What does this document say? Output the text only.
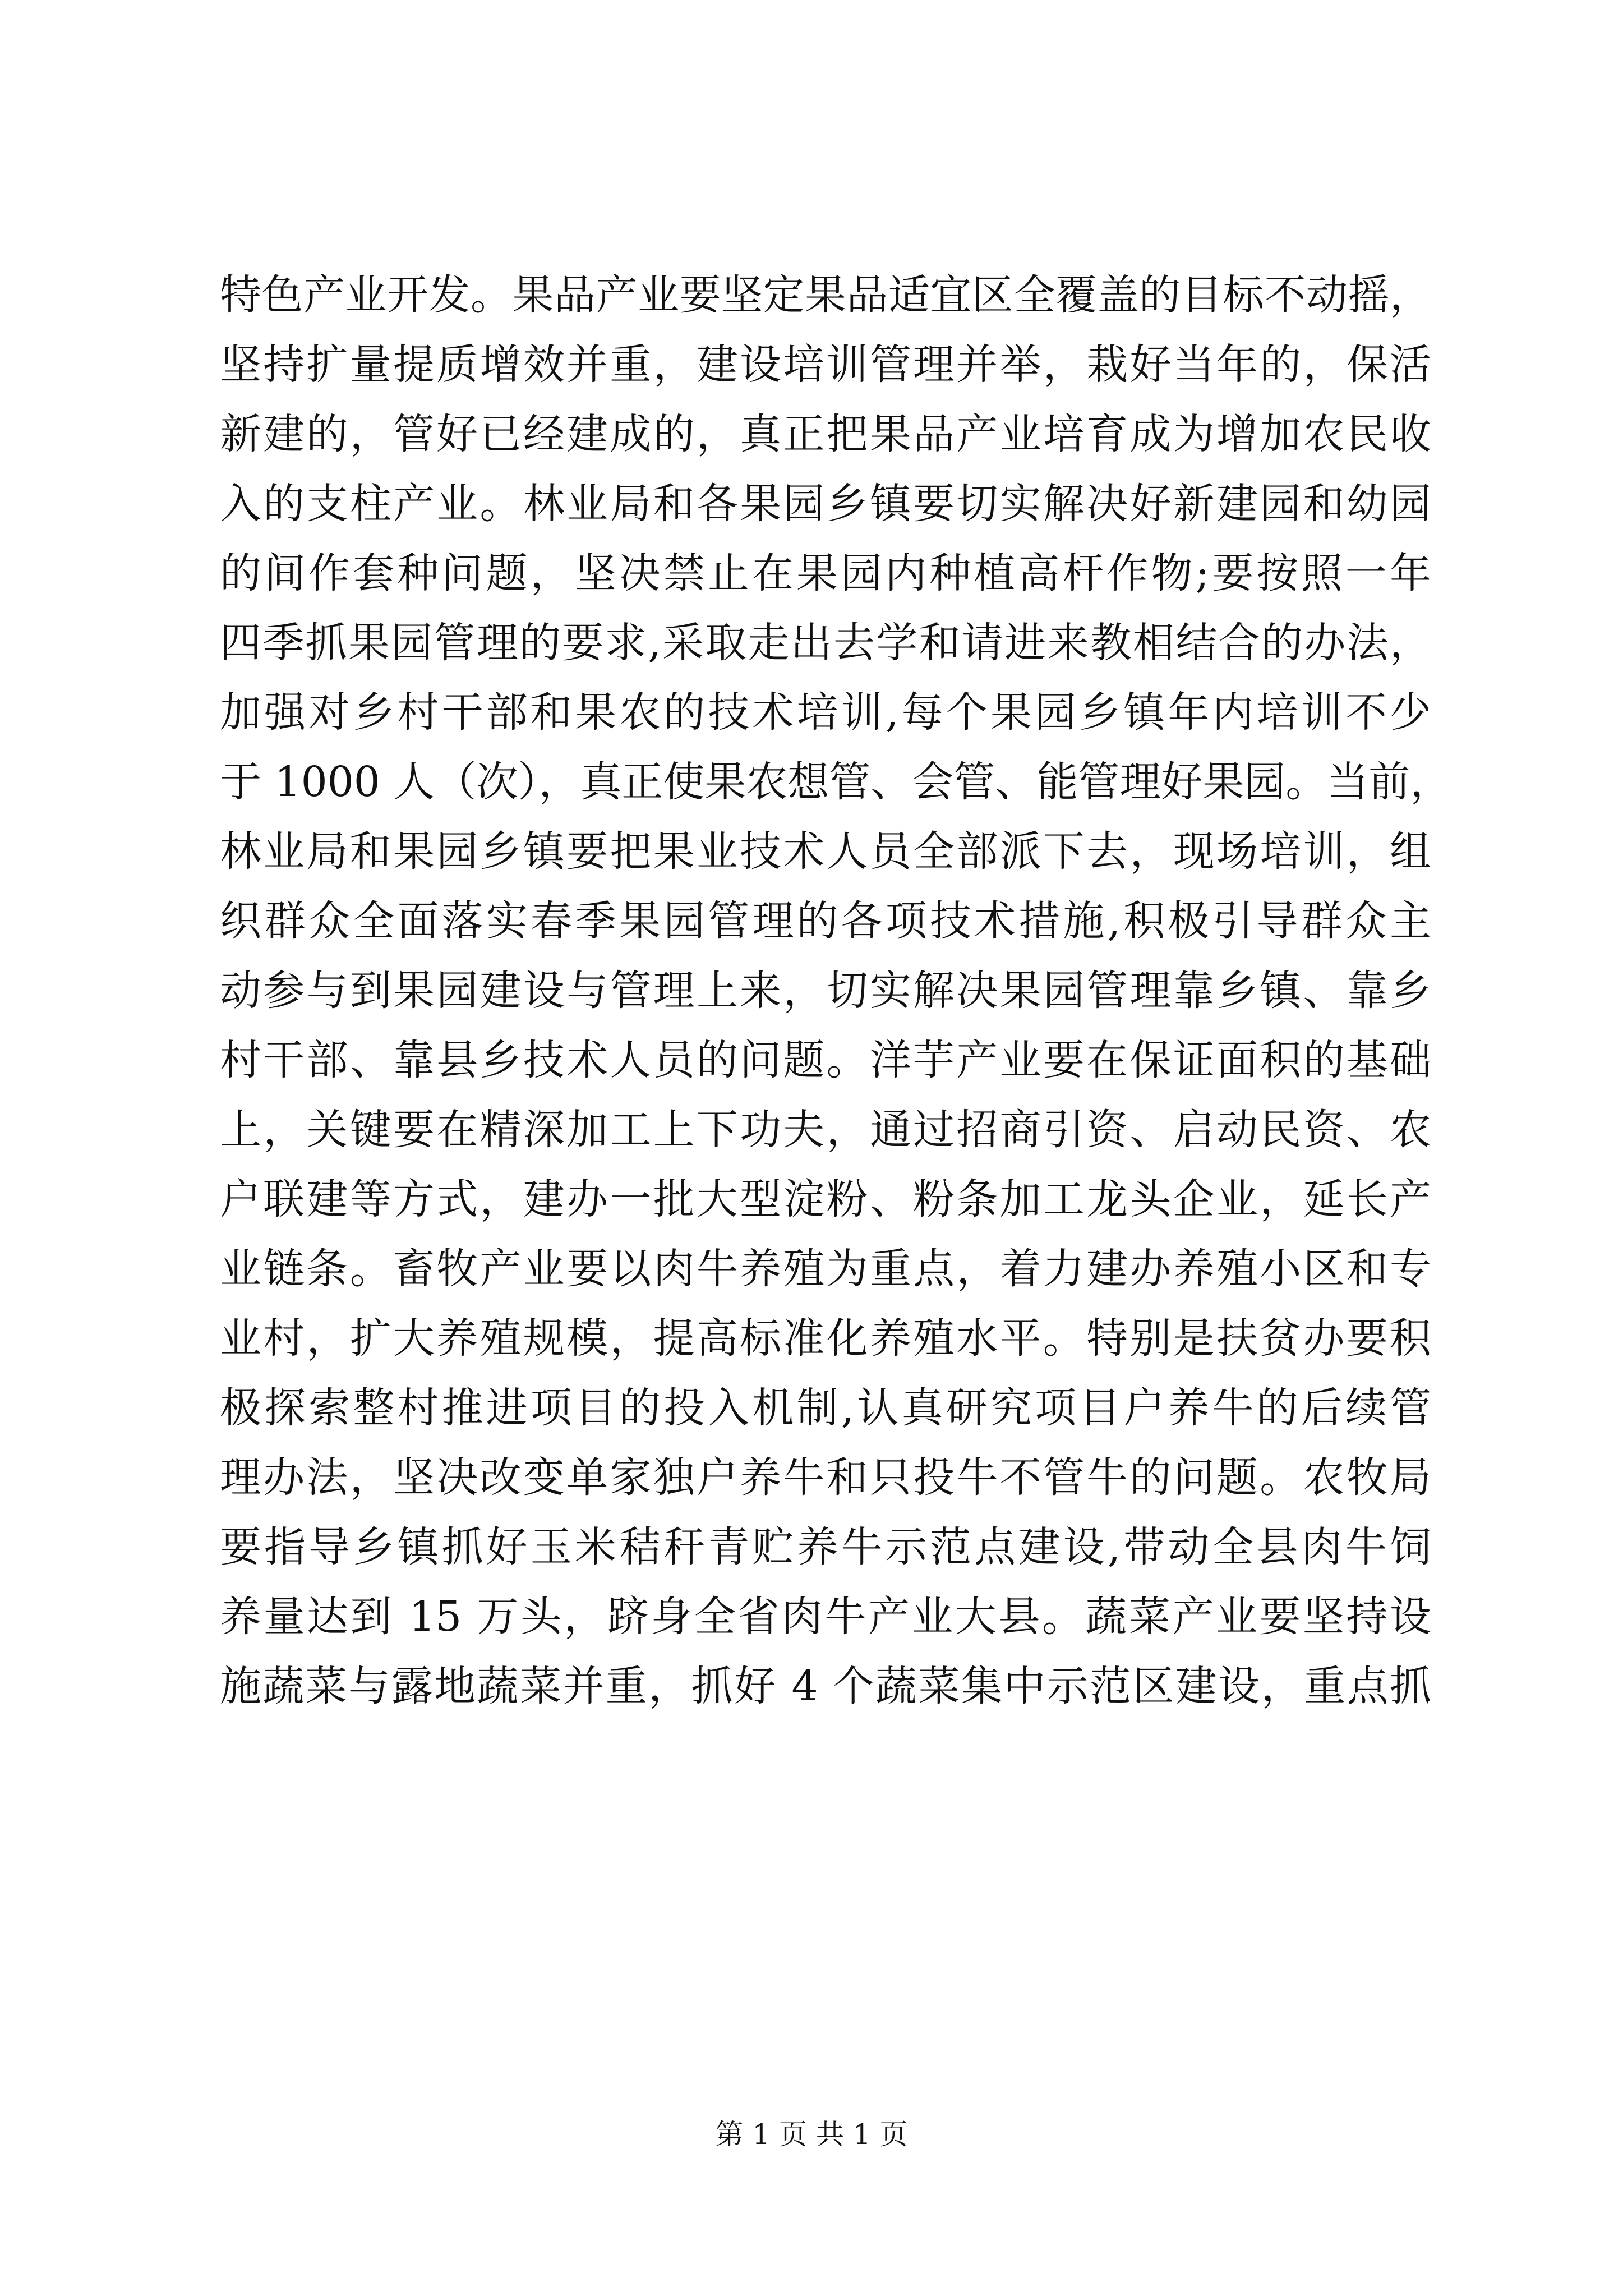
特色产业开发。果品产业要坚定果品适宜区全覆盖的目标不动摇，
坚持扩量提质增效并重，建设培训管理并举，栽好当年的，保活
新建的，管好已经建成的，真正把果品产业培育成为增加农民收
入的支柱产业。林业局和各果园乡镇要切实解决好新建园和幼园
的间作套种问题，坚决禁止在果园内种植高杆作物;要按照一年
四季抓果园管理的要求,采取走出去学和请进来教相结合的办法，
加强对乡村干部和果农的技术培训,每个果园乡镇年内培训不少
于 1000 人（次），真正使果农想管、会管、能管理好果园。当前，
林业局和果园乡镇要把果业技术人员全部派下去，现场培训，组
织群众全面落实春季果园管理的各项技术措施,积极引导群众主
动参与到果园建设与管理上来，切实解决果园管理靠乡镇、靠乡
村干部、靠县乡技术人员的问题。洋芋产业要在保证面积的基础
上，关键要在精深加工上下功夫，通过招商引资、启动民资、农
户联建等方式，建办一批大型淀粉、粉条加工龙头企业，延长产
业链条。畜牧产业要以肉牛养殖为重点，着力建办养殖小区和专
业村，扩大养殖规模，提高标准化养殖水平。特别是扶贫办要积
极探索整村推进项目的投入机制,认真研究项目户养牛的后续管
理办法，坚决改变单家独户养牛和只投牛不管牛的问题。农牧局
要指导乡镇抓好玉米秸秆青贮养牛示范点建设,带动全县肉牛饲
养量达到 15 万头，跻身全省肉牛产业大县。蔬菜产业要坚持设
施蔬菜与露地蔬菜并重，抓好 4 个蔬菜集中示范区建设，重点抓
第 1 页 共 1 页
